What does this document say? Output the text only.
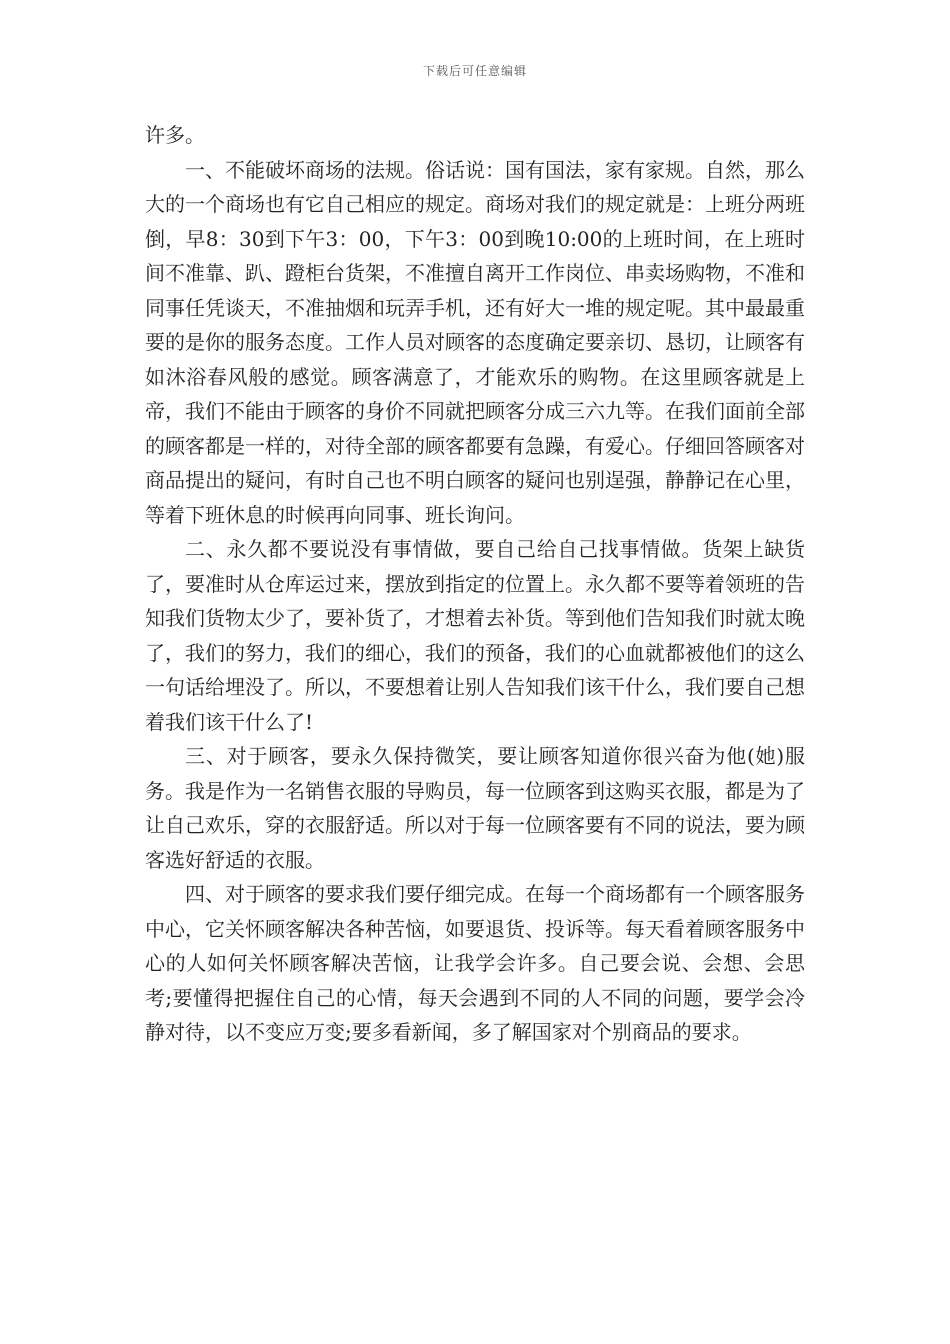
下载后可任意编辑

许多。

一、不能破坏商场的法规。俗话说：国有国法，家有家规。自然，那么大的一个商场也有它自己相应的规定。商场对我们的规定就是：上班分两班倒，早8：30到下午3：00，下午3：00到晚10:00的上班时间，在上班时间不准靠、趴、蹬柜台货架，不准擅自离开工作岗位、串卖场购物，不准和同事任凭谈天，不准抽烟和玩弄手机，还有好大一堆的规定呢。其中最最重要的是你的服务态度。工作人员对顾客的态度确定要亲切、恳切，让顾客有如沐浴春风般的感觉。顾客满意了，才能欢乐的购物。在这里顾客就是上帝，我们不能由于顾客的身价不同就把顾客分成三六九等。在我们面前全部的顾客都是一样的，对待全部的顾客都要有急躁，有爱心。仔细回答顾客对商品提出的疑问，有时自己也不明白顾客的疑问也别逞强，静静记在心里，等着下班休息的时候再向同事、班长询问。

二、永久都不要说没有事情做，要自己给自己找事情做。货架上缺货了，要准时从仓库运过来，摆放到指定的位置上。永久都不要等着领班的告知我们货物太少了，要补货了，才想着去补货。等到他们告知我们时就太晚了，我们的努力，我们的细心，我们的预备，我们的心血就都被他们的这么一句话给埋没了。所以，不要想着让别人告知我们该干什么，我们要自己想着我们该干什么了!

三、对于顾客，要永久保持微笑，要让顾客知道你很兴奋为他(她)服务。我是作为一名销售衣服的导购员，每一位顾客到这购买衣服，都是为了让自己欢乐，穿的衣服舒适。所以对于每一位顾客要有不同的说法，要为顾客选好舒适的衣服。

四、对于顾客的要求我们要仔细完成。在每一个商场都有一个顾客服务中心，它关怀顾客解决各种苦恼，如要退货、投诉等。每天看着顾客服务中心的人如何关怀顾客解决苦恼，让我学会许多。自己要会说、会想、会思考;要懂得把握住自己的心情，每天会遇到不同的人不同的问题，要学会冷静对待，以不变应万变;要多看新闻，多了解国家对个别商品的要求。
